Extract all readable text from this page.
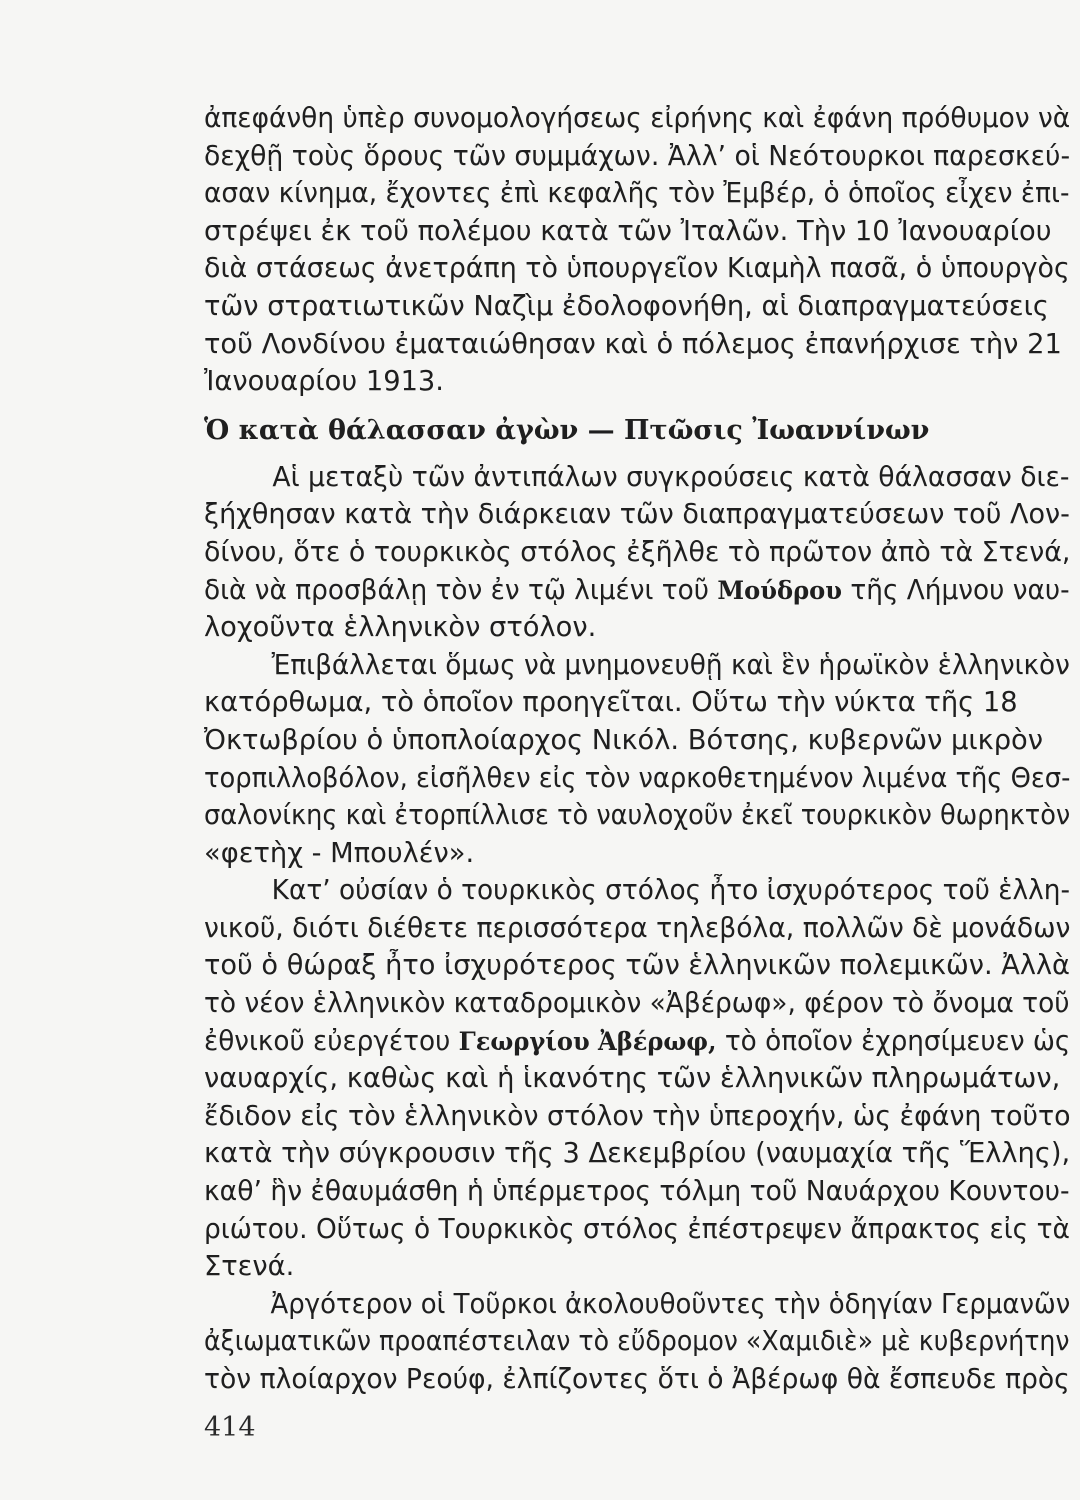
ἀπεφάνθη ὑπὲρ συνομολογήσεως εἰρήνης καὶ ἐφάνη πρόθυμον νὰ
δεχθῇ τοὺς ὅρους τῶν συμμάχων. Ἀλλ’ οἱ Νεότουρκοι παρεσκεύ-
ασαν κίνημα, ἔχοντες ἐπὶ κεφαλῆς τὸν Ἐμβέρ, ὁ ὁποῖος εἶχεν ἐπι-
στρέψει ἐκ τοῦ πολέμου κατὰ τῶν Ἰταλῶν. Τὴν 10 Ἰανουαρίου
διὰ στάσεως ἀνετράπη τὸ ὑπουργεῖον Κιαμὴλ πασᾶ, ὁ ὑπουργὸς
τῶν στρατιωτικῶν Ναζὶμ ἐδολοφονήθη, αἱ διαπραγματεύσεις
τοῦ Λονδίνου ἐματαιώθησαν καὶ ὁ πόλεμος ἐπανήρχισε τὴν 21
Ἰανουαρίου 1913.
Ὁ κατὰ θάλασσαν ἀγὼν — Πτῶσις Ἰωαννίνων
Αἱ μεταξὺ τῶν ἀντιπάλων συγκρούσεις κατὰ θάλασσαν διε-
ξήχθησαν κατὰ τὴν διάρκειαν τῶν διαπραγματεύσεων τοῦ Λον-
δίνου, ὅτε ὁ τουρκικὸς στόλος ἐξῆλθε τὸ πρῶτον ἀπὸ τὰ Στενά,
διὰ νὰ προσβάλῃ τὸν ἐν τῷ λιμένι τοῦ Μούδρου τῆς Λήμνου ναυ-
λοχοῦντα ἑλληνικὸν στόλον.
Ἐπιβάλλεται ὅμως νὰ μνημονευθῇ καὶ ἓν ἡρωϊκὸν ἑλληνικὸν
κατόρθωμα, τὸ ὁποῖον προηγεῖται. Οὕτω τὴν νύκτα τῆς 18
Ὀκτωβρίου ὁ ὑποπλοίαρχος Νικόλ. Βότσης, κυβερνῶν μικρὸν
τορπιλλοβόλον, εἰσῆλθεν εἰς τὸν ναρκοθετημένον λιμένα τῆς Θεσ-
σαλονίκης καὶ ἐτορπίλλισε τὸ ναυλοχοῦν ἐκεῖ τουρκικὸν θωρηκτὸν
«φετὴχ - Μπουλέν».
Κατ’ οὐσίαν ὁ τουρκικὸς στόλος ἦτο ἰσχυρότερος τοῦ ἑλλη-
νικοῦ, διότι διέθετε περισσότερα τηλεβόλα, πολλῶν δὲ μονάδων
τοῦ ὁ θώραξ ἦτο ἰσχυρότερος τῶν ἑλληνικῶν πολεμικῶν. Ἀλλὰ
τὸ νέον ἑλληνικὸν καταδρομικὸν «Ἀβέρωφ», φέρον τὸ ὄνομα τοῦ
ἐθνικοῦ εὐεργέτου Γεωργίου Ἀβέρωφ, τὸ ὁποῖον ἐχρησίμευεν ὡς
ναυαρχίς, καθὼς καὶ ἡ ἱκανότης τῶν ἑλληνικῶν πληρωμάτων,
ἔδιδον εἰς τὸν ἑλληνικὸν στόλον τὴν ὑπεροχήν, ὡς ἐφάνη τοῦτο
κατὰ τὴν σύγκρουσιν τῆς 3 Δεκεμβρίου (ναυμαχία τῆς Ἕλλης),
καθ’ ἣν ἐθαυμάσθη ἡ ὑπέρμετρος τόλμη τοῦ Ναυάρχου Κουντου-
ριώτου. Οὕτως ὁ Τουρκικὸς στόλος ἐπέστρεψεν ἄπρακτος εἰς τὰ
Στενά.
Ἀργότερον οἱ Τοῦρκοι ἀκολουθοῦντες τὴν ὁδηγίαν Γερμανῶν
ἀξιωματικῶν προαπέστειλαν τὸ εὔδρομον «Χαμιδιὲ» μὲ κυβερνήτην
τὸν πλοίαρχον Ρεούφ, ἐλπίζοντες ὅτι ὁ Ἀβέρωφ θὰ ἔσπευδε πρὸς
414
